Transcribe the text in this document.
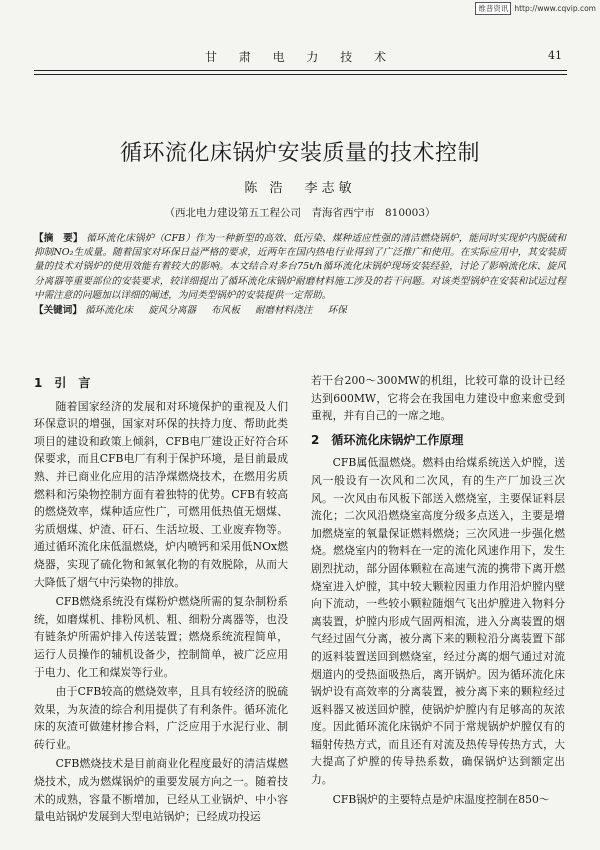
维普资讯 http://www.cqvip.com
甘 肃 电 力 技 术	41
循环流化床锅炉安装质量的技术控制
陈 浩 李志敏
（西北电力建设第五工程公司　青海省西宁市　810003）
【摘　要】 循环流化床锅炉（CFB）作为一种新型的高效、低污染、煤种适应性强的清洁燃烧锅炉，能同时实现炉内脱硫和抑制NO₂生成量。随着国家对环保日益严格的要求，近两年在国内热电行业得到了广泛推广和使用。在实际应用中，其安装质量的技术对锅炉的使用效能有着较大的影响。本文结合对多台75t/h循环流化床锅炉现场安装经验，讨论了影响流化床、旋风分离器等重要部位的安装要求，较详细提出了循环流化床锅炉耐磨材料施工涉及的若干问题。对该类型锅炉在安装和试运过程中需注意的问题加以详细的阐述，为同类型锅炉的安装提供一定帮助。
【关键词】 循环流化床 旋风分离器 布风板 耐磨材料浇注 环保
1　引　言

随着国家经济的发展和对环境保护的重视及人们环保意识的增强，国家对环保的扶持力度、帮助此类项目的建设和政策上倾斜，CFB电厂建设正好符合环保要求，而且CFB电厂有利于保护环境，是目前最成熟、并已商业化应用的洁净煤燃烧技术，在燃用劣质燃料和污染物控制方面有着独特的优势。CFB有较高的燃烧效率，煤种适应性广，可燃用低热值无烟煤、劣质烟煤、炉渣、矸石、生活垃圾、工业废弃物等。通过循环流化床低温燃烧，炉内喷钙和采用低NOx燃烧器，实现了硫化物和氮氧化物的有效脱除，从而大大降低了烟气中污染物的排放。

CFB燃烧系统没有煤粉炉燃烧所需的复杂制粉系统，如磨煤机、排粉风机、粗、细粉分离器等，也没有链条炉所需炉排入传送装置；燃烧系统流程简单，运行人员操作的辅机设备少，控制简单，被广泛应用于电力、化工和煤炭等行业。

由于CFB较高的燃烧效率，且具有较经济的脱硫效果，为灰渣的综合利用提供了有利条件。循环流化床的灰渣可做建材掺合料，广泛应用于水泥行业、制砖行业。

CFB燃烧技术是目前商业化程度最好的清洁煤燃烧技术，成为燃煤锅炉的重要发展方向之一。随着技术的成熟，容量不断增加，已经从工业锅炉、中小容量电站锅炉发展到大型电站锅炉；已经成功投运

若干台200～300MW的机组，比较可靠的设计已经达到600MW，它将会在我国电力建设中愈来愈受到重视，并有自己的一席之地。

2　循环流化床锅炉工作原理

CFB属低温燃烧。燃料由给煤系统送入炉膛，送风一般设有一次风和二次风，有的生产厂加设三次风。一次风由布风板下部送入燃烧室，主要保证料层流化；二次风沿燃烧室高度分级多点送入，主要是增加燃烧室的氧量保证燃料燃烧；三次风进一步强化燃烧。燃烧室内的物料在一定的流化风速作用下，发生剧烈扰动，部分固体颗粒在高速气流的携带下离开燃烧室进入炉膛，其中较大颗粒因重力作用沿炉膛内壁向下流动，一些较小颗粒随烟气飞出炉膛进入物料分离装置，炉膛内形成气固两相流，进入分离装置的烟气经过固气分离，被分离下来的颗粒沿分离装置下部的返料装置送回到燃烧室，经过分离的烟气通过对流烟道内的受热面吸热后，离开锅炉。因为循环流化床锅炉设有高效率的分离装置，被分离下来的颗粒经过返料器又被送回炉膛，使锅炉炉膛内有足够高的灰浓度。因此循环流化床锅炉不同于常规锅炉炉膛仅有的辐射传热方式，而且还有对流及热传导传热方式，大大提高了炉膛的传导热系数，确保锅炉达到额定出力。

CFB锅炉的主要特点是炉床温度控制在850～
